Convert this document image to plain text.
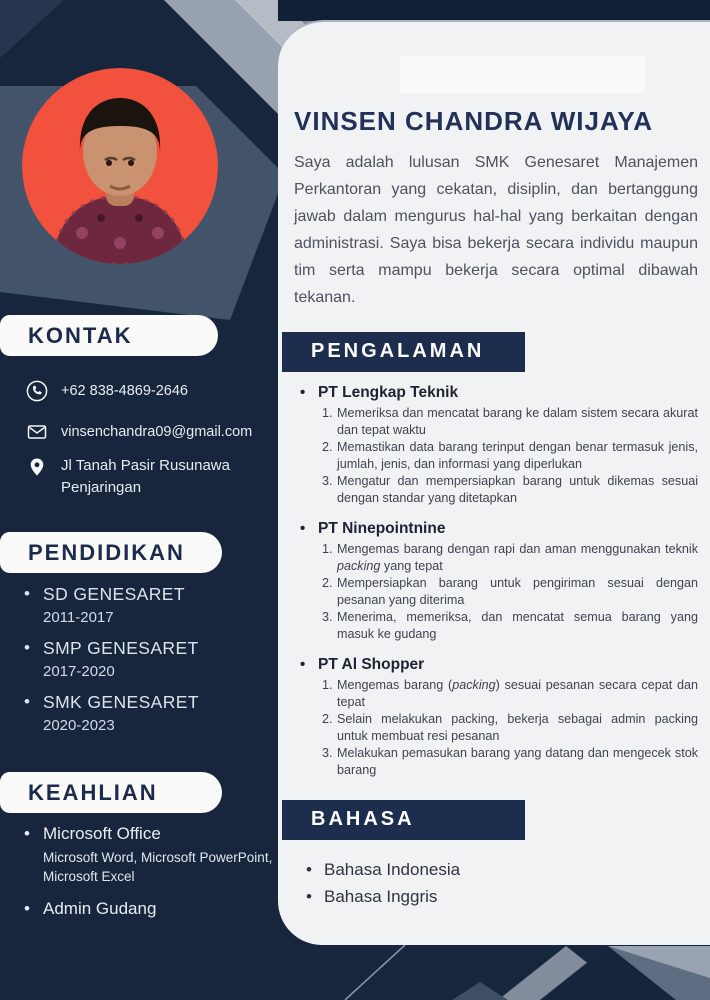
VINSEN CHANDRA WIJAYA

Saya adalah lulusan SMK Genesaret Manajemen Perkantoran yang cekatan, disiplin, dan bertanggung jawab dalam mengurus hal-hal yang berkaitan dengan administrasi. Saya bisa bekerja secara individu maupun tim serta mampu bekerja secara optimal dibawah tekanan.

PENGALAMAN
• PT Lengkap Teknik
Memeriksa dan mencatat barang ke dalam sistem secara akurat dan tepat waktu
Memastikan data barang terinput dengan benar termasuk jenis, jumlah, jenis, dan informasi yang diperlukan
Mengatur dan mempersiapkan barang untuk dikemas sesuai dengan standar yang ditetapkan
• PT Ninepointnine
Mengemas barang dengan rapi dan aman menggunakan teknik packing yang tepat
Mempersiapkan barang untuk pengiriman sesuai dengan pesanan yang diterima
Menerima, memeriksa, dan mencatat semua barang yang masuk ke gudang
• PT Al Shopper
Mengemas barang (packing) sesuai pesanan secara cepat dan tepat
Selain melakukan packing, bekerja sebagai admin packing untuk membuat resi pesanan
Melakukan pemasukan barang yang datang dan mengecek stok barang
BAHASA
• Bahasa Indonesia
• Bahasa Inggris
KONTAK
PENDIDIKAN
KEAHLIAN
+62 838-4869-2646
vinsenchandra09@gmail.com
Jl Tanah Pasir Rusunawa Penjaringan
• SD GENESARET
2011-2017
• SMP GENESARET
2017-2020
• SMK GENESARET
2020-2023
• Microsoft Office
Microsoft Word, Microsoft PowerPoint, Microsoft Excel
• Admin Gudang
